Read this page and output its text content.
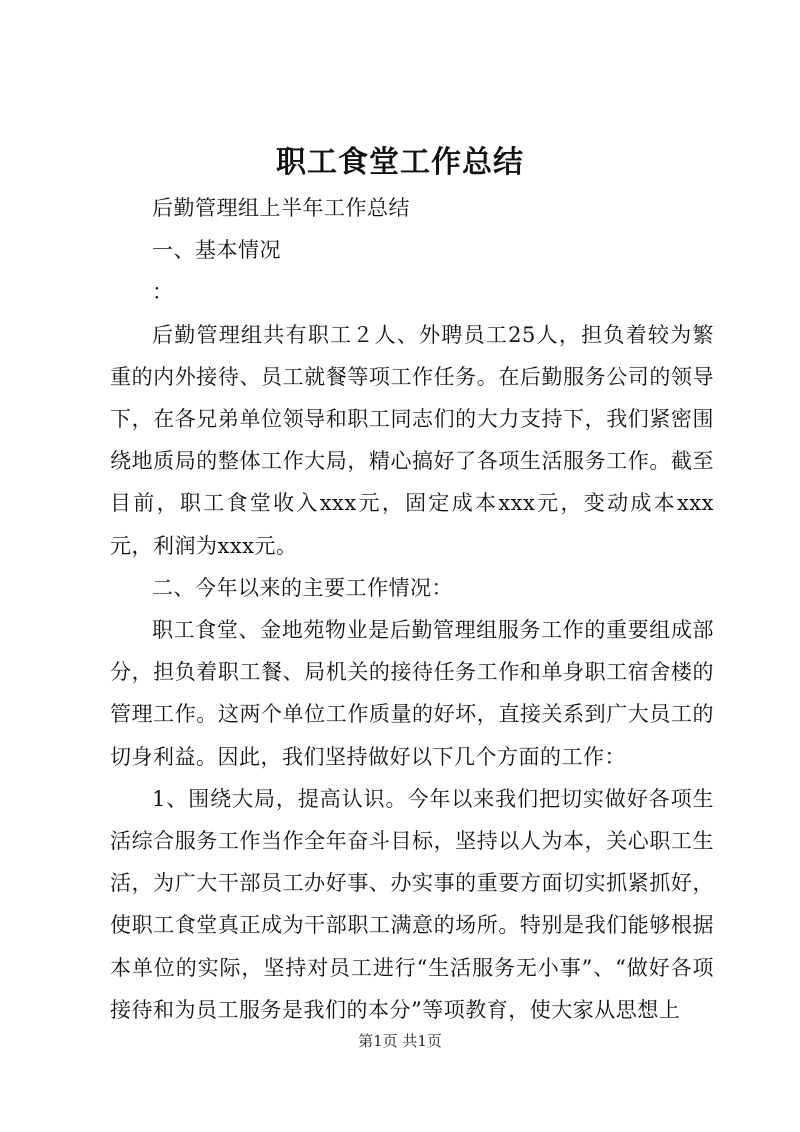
职工食堂工作总结

后勤管理组上半年工作总结

一、基本情况

：

后勤管理组共有职工２人、外聘员工25人，担负着较为繁重的内外接待、员工就餐等项工作任务。在后勤服务公司的领导下，在各兄弟单位领导和职工同志们的大力支持下，我们紧密围绕地质局的整体工作大局，精心搞好了各项生活服务工作。截至目前，职工食堂收入xxx元，固定成本xxx元，变动成本xxx元，利润为xxx元。

二、今年以来的主要工作情况：

职工食堂、金地苑物业是后勤管理组服务工作的重要组成部分，担负着职工餐、局机关的接待任务工作和单身职工宿舍楼的管理工作。这两个单位工作质量的好坏，直接关系到广大员工的切身利益。因此，我们坚持做好以下几个方面的工作：

1、围绕大局，提高认识。今年以来我们把切实做好各项生活综合服务工作当作全年奋斗目标，坚持以人为本，关心职工生活，为广大干部员工办好事、办实事的重要方面切实抓紧抓好，使职工食堂真正成为干部职工满意的场所。特别是我们能够根据本单位的实际，坚持对员工进行“生活服务无小事”、“做好各项接待和为员工服务是我们的本分”等项教育，使大家从思想上

第1页 共1页
